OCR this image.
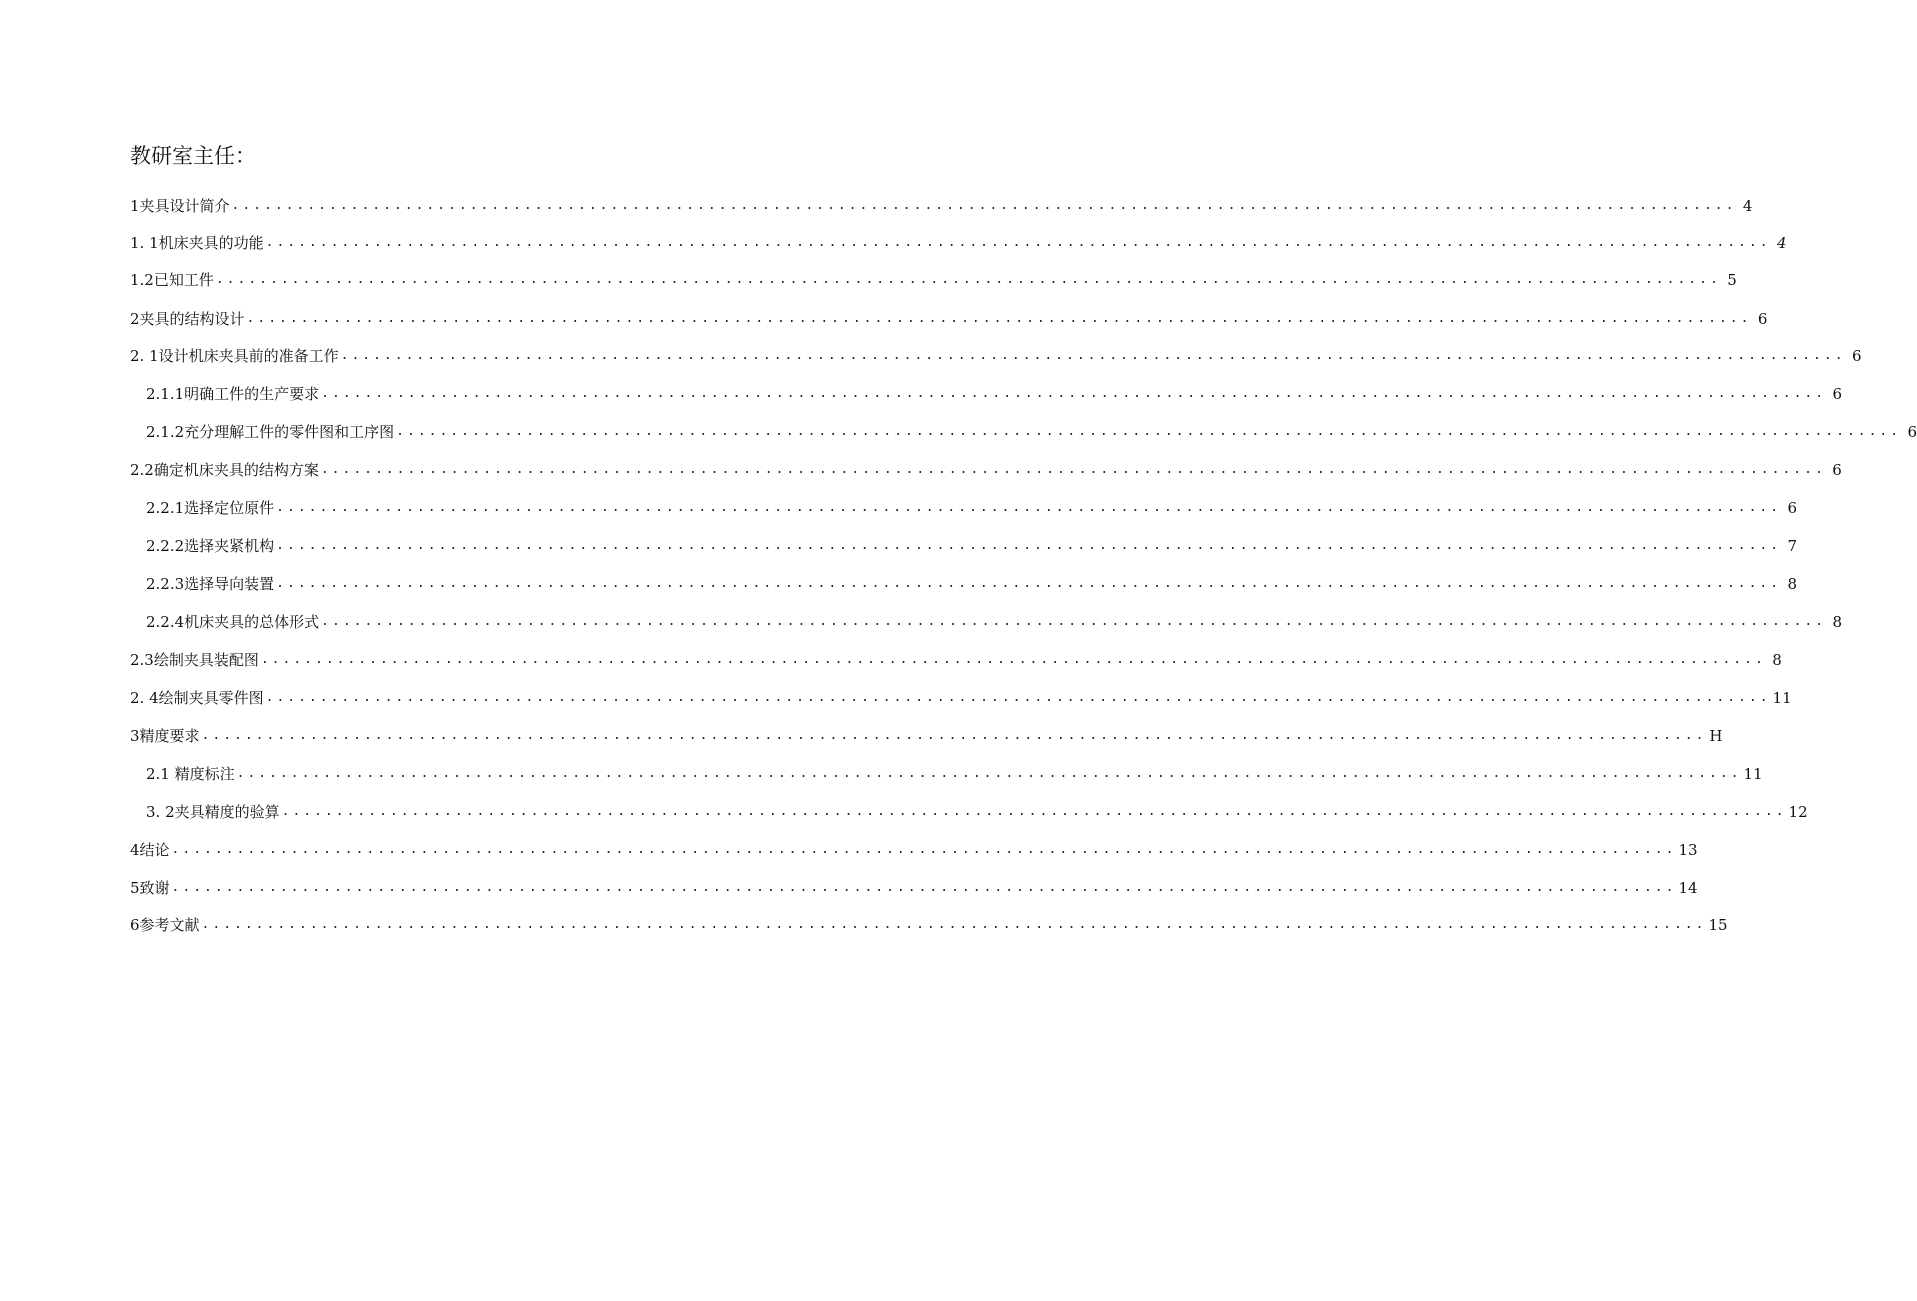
教研室主任：
1夹具设计简介 ........................................................................................................................................... 4
1. 1机床夹具的功能 ........................................................................................................................................... 4
1.2已知工件 ........................................................................................................................................... 5
2夹具的结构设计 ........................................................................................................................................... 6
2. 1设计机床夹具前的准备工作 ........................................................................................................................................... 6
2.1.1明确工件的生产要求 ........................................................................................................................................... 6
2.1.2充分理解工件的零件图和工序图 ........................................................................................................................................... 6
2.2确定机床夹具的结构方案 ........................................................................................................................................... 6
2.2.1选择定位原件 ........................................................................................................................................... 6
2.2.2选择夹紧机构 ........................................................................................................................................... 7
2.2.3选择导向装置 ........................................................................................................................................... 8
2.2.4机床夹具的总体形式 ........................................................................................................................................... 8
2.3绘制夹具装配图 ........................................................................................................................................... 8
2. 4绘制夹具零件图 ........................................................................................................................................... 11
3精度要求 ........................................................................................................................................... H
2.1 精度标注 ........................................................................................................................................... 11
3. 2夹具精度的验算 ........................................................................................................................................... 12
4结论 ........................................................................................................................................... 13
5致谢 ........................................................................................................................................... 14
6参考文献 ........................................................................................................................................... 15
